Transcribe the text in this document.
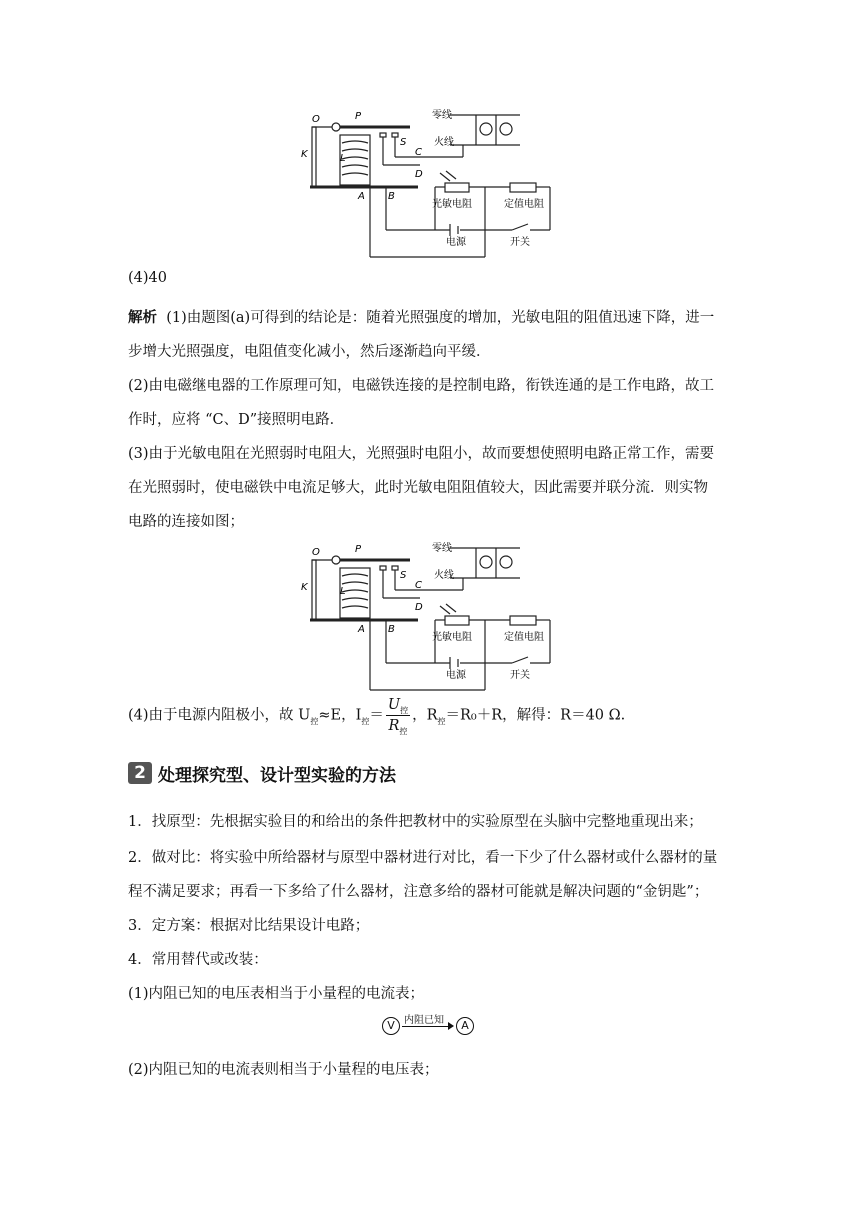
O	P
K	L
S
C
D
A B
零线
火线
光敏电阻	定值电阻
电源	开关
(4)40
解析 (1)由题图(a)可得到的结论是：随着光照强度的增加，光敏电阻的阻值迅速下降，进一
步增大光照强度，电阻值变化减小，然后逐渐趋向平缓．
(2)由电磁继电器的工作原理可知，电磁铁连接的是控制电路，衔铁连通的是工作电路，故工
作时，应将 “C、D”接照明电路．
(3)由于光敏电阻在光照弱时电阻大，光照强时电阻小，故而要想使照明电路正常工作，需要
在光照弱时，使电磁铁中电流足够大，此时光敏电阻阻值较大，因此需要并联分流．则实物
电路的连接如图；
O	P
K	L
S
C
D
A B
零线
火线
光敏电阻	定值电阻
电源	开关
(4)由于电源内阻极小，故 $U_控\approx E$，$I_控= \frac{U_控}{R_控}$ ，$R_控=R_0+R$，解得：R＝40 Ω.
2 处理探究型、设计型实验的方法
1．找原型：先根据实验目的和给出的条件把教材中的实验原型在头脑中完整地重现出来；
2．做对比：将实验中所给器材与原型中器材进行对比，看一下少了什么器材或什么器材的量
程不满足要求；再看一下多给了什么器材，注意多给的器材可能就是解决问题的“金钥匙”；
3．定方案：根据对比结果设计电路；
4．常用替代或改装：
(1)内阻已知的电压表相当于小量程的电流表；
V 内阻已知	A
(2)内阻已知的电流表则相当于小量程的电压表；
